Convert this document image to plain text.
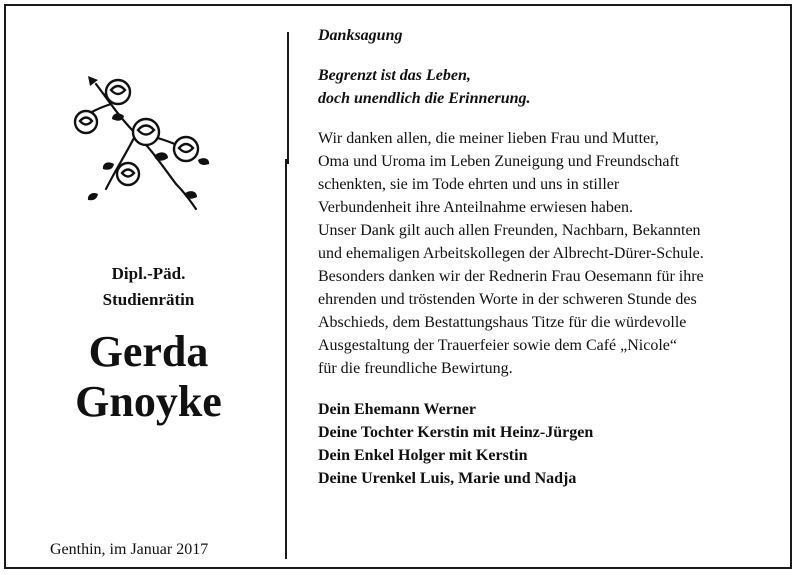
Dipl.-Päd.
Studienrätin
Gerda
Gnoyke
Genthin, im Januar 2017

Danksagung

Begrenzt ist das Leben,
doch unendlich die Erinnerung.

Wir danken allen, die meiner lieben Frau und Mutter,
Oma und Uroma im Leben Zuneigung und Freundschaft
schenkten, sie im Tode ehrten und uns in stiller
Verbundenheit ihre Anteilnahme erwiesen haben.
Unser Dank gilt auch allen Freunden, Nachbarn, Bekannten
und ehemaligen Arbeitskollegen der Albrecht-Dürer-Schule.
Besonders danken wir der Rednerin Frau Oesemann für ihre
ehrenden und tröstenden Worte in der schweren Stunde des
Abschieds, dem Bestattungshaus Titze für die würdevolle
Ausgestaltung der Trauerfeier sowie dem Café „Nicole“
für die freundliche Bewirtung.

Dein Ehemann Werner
Deine Tochter Kerstin mit Heinz-Jürgen
Dein Enkel Holger mit Kerstin
Deine Urenkel Luis, Marie und Nadja
